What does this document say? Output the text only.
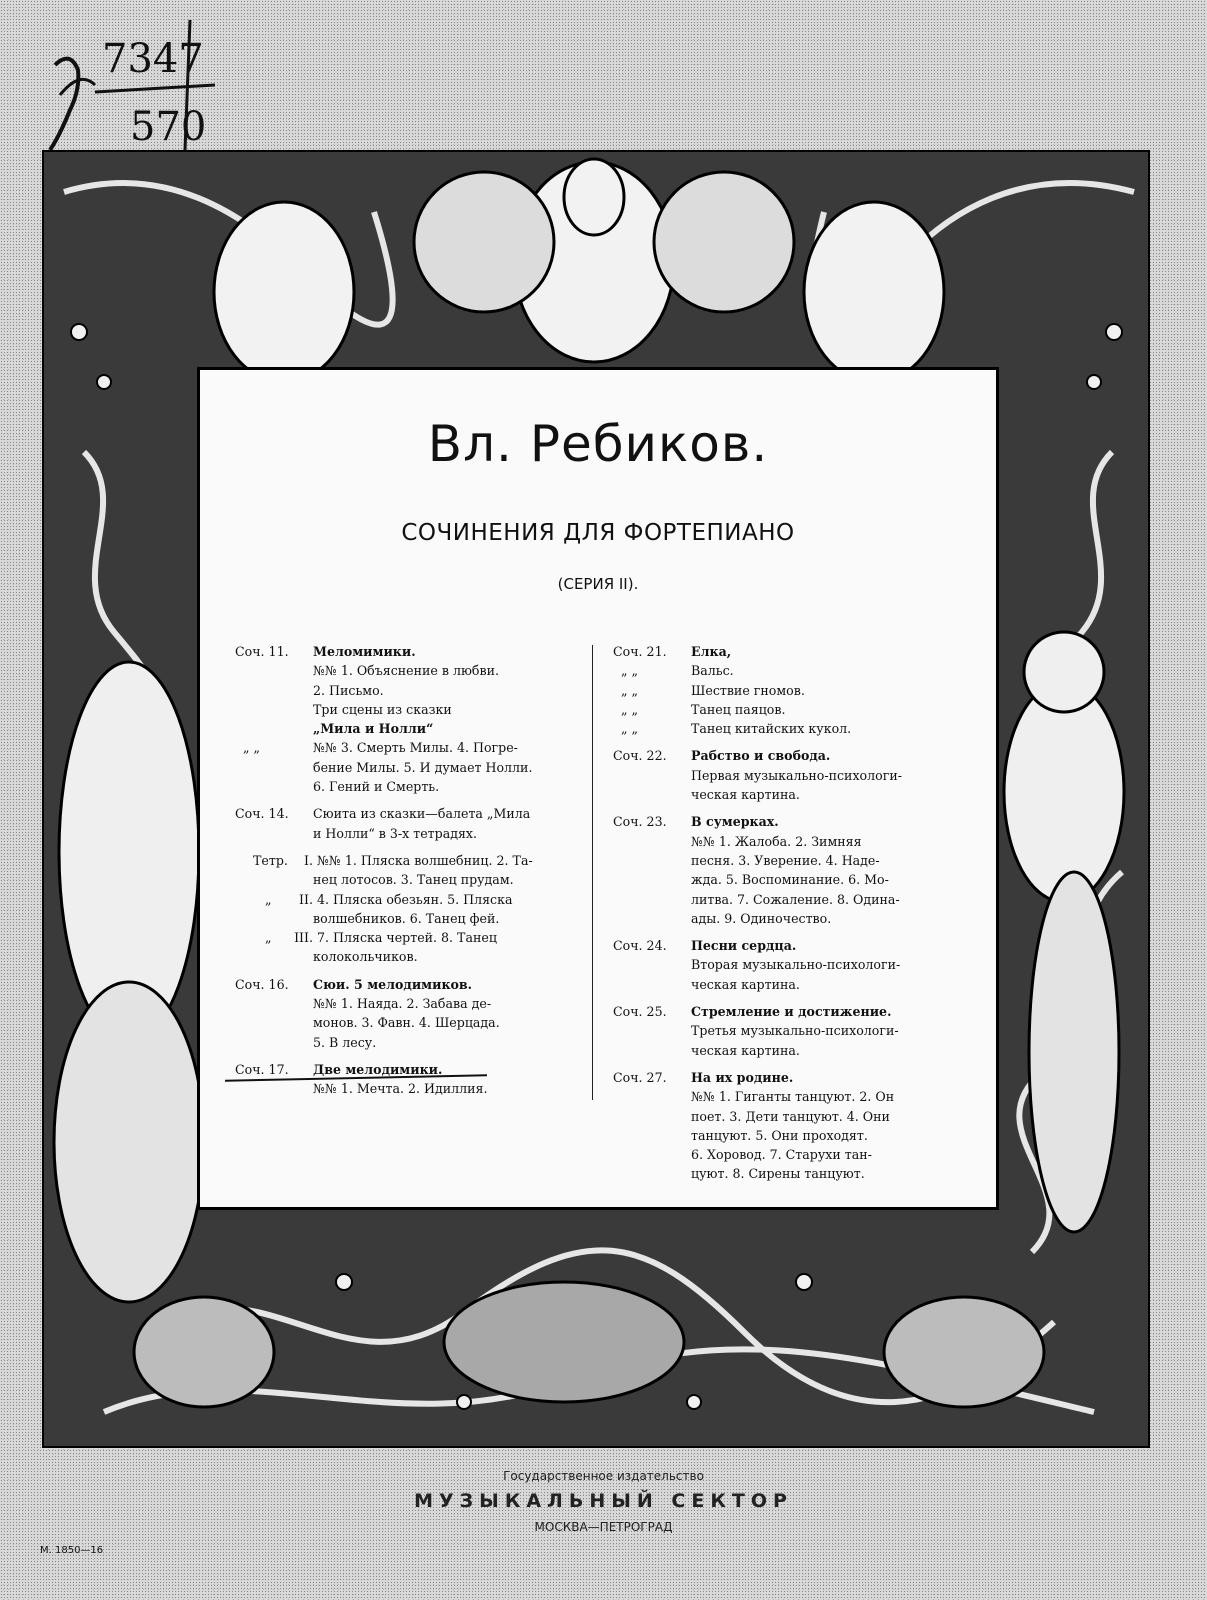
7347
570
Вл. Ребиков.
СОЧИНЕНИЯ ДЛЯ ФОРТЕПИАНО
(СЕРИЯ II).
Соч. 11.	Меломимики.
№№ 1. Объяснение в любви.
2. Письмо.
Три сцены из сказки
„Мила и Нолли“
„ „	№№ 3. Смерть Милы. 4. Погре-
бение Милы. 5. И думает Нолли.
6. Гений и Смерть.
Соч. 14.	Сюита из сказки—балета „Мила
и Нолли“ в 3-х тетрадях.
Тетр. I. №№ 1. Пляска волшебниц. 2. Та-
нец лотосов. 3. Танец прудам.
„ II. 4. Пляска обезьян. 5. Пляска
волшебников. 6. Танец фей.
„ III. 7. Пляска чертей. 8. Танец
колокольчиков.
Соч. 16.	Сюи. 5 мелодимиков.
№№ 1. Наяда. 2. Забава де-
монов. 3. Фавн. 4. Шерцада.
5. В лесу.
Соч. 17.	Две мелодимики.
№№ 1. Мечта. 2. Идиллия.
Соч. 21.	Елка,
„ „	Вальс.
„ „	Шествие гномов.
„ „	Танец паяцов.
„ „	Танец китайских кукол.
Соч. 22.	Рабство и свобода.
Первая музыкально-психологи-
ческая картина.
Соч. 23.	В сумерках.
№№ 1. Жалоба. 2. Зимняя
песня. 3. Уверение. 4. Наде-
жда. 5. Воспоминание. 6. Мо-
литва. 7. Сожаление. 8. Одина-
ады. 9. Одиночество.
Соч. 24.	Песни сердца.
Вторая музыкально-психологи-
ческая картина.
Соч. 25.	Стремление и достижение.
Третья музыкально-психологи-
ческая картина.
Соч. 27.	На их родине.
№№ 1. Гиганты танцуют. 2. Он
поет. 3. Дети танцуют. 4. Они
танцуют. 5. Они проходят.
6. Хоровод. 7. Старухи тан-
цуют. 8. Сирены танцуют.
Государственное издательство
МУЗЫКАЛЬНЫЙ СЕКТОР
МОСКВА—ПЕТРОГРАД
М. 1850—16
